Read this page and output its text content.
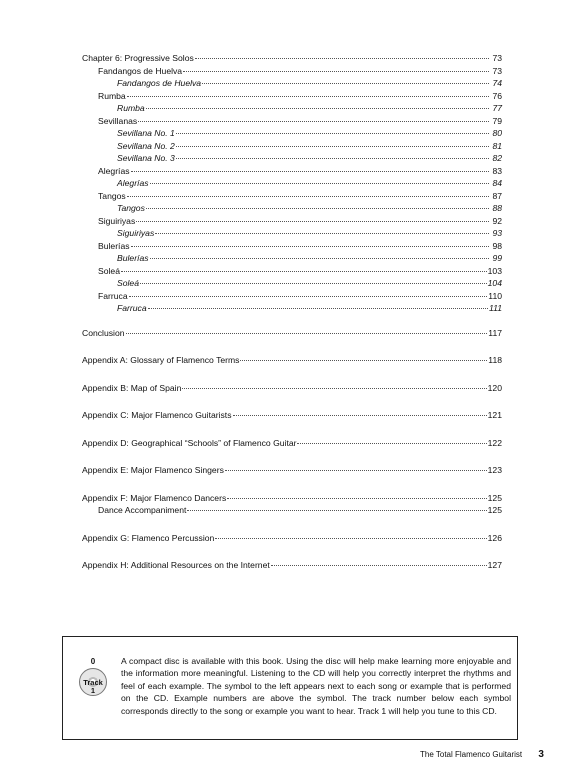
Chapter 6: Progressive Solos	73
Fandangos de Huelva	73
Fandangos de Huelva	74
Rumba	76
Rumba	77
Sevillanas	79
Sevillana No. 1	80
Sevillana No. 2	81
Sevillana No. 3	82
Alegrías	83
Alegrías	84
Tangos	87
Tangos	88
Siguiriyas	92
Siguiriyas	93
Bulerías	98
Bulerías	99
Soleá	103
Soleá	104
Farruca	110
Farruca	111
Conclusion	117
Appendix A: Glossary of Flamenco Terms	118
Appendix B: Map of Spain	120
Appendix C: Major Flamenco Guitarists	121
Appendix D: Geographical “Schools” of Flamenco Guitar	122
Appendix E: Major Flamenco Singers	123
Appendix F: Major Flamenco Dancers	125
Dance Accompaniment	125
Appendix G: Flamenco Percussion	126
Appendix H: Additional Resources on the Internet	127
0
Track
1
A compact disc is available with this book. Using the disc will help make learning more enjoyable and the information more meaningful. Listening to the CD will help you correctly interpret the rhythms and feel of each example. The symbol to the left appears next to each song or example that is performed on the CD. Example numbers are above the symbol. The track number below each symbol corresponds directly to the song or example you want to hear. Track 1 will help you tune to this CD.
The Total Flamenco Guitarist 3
